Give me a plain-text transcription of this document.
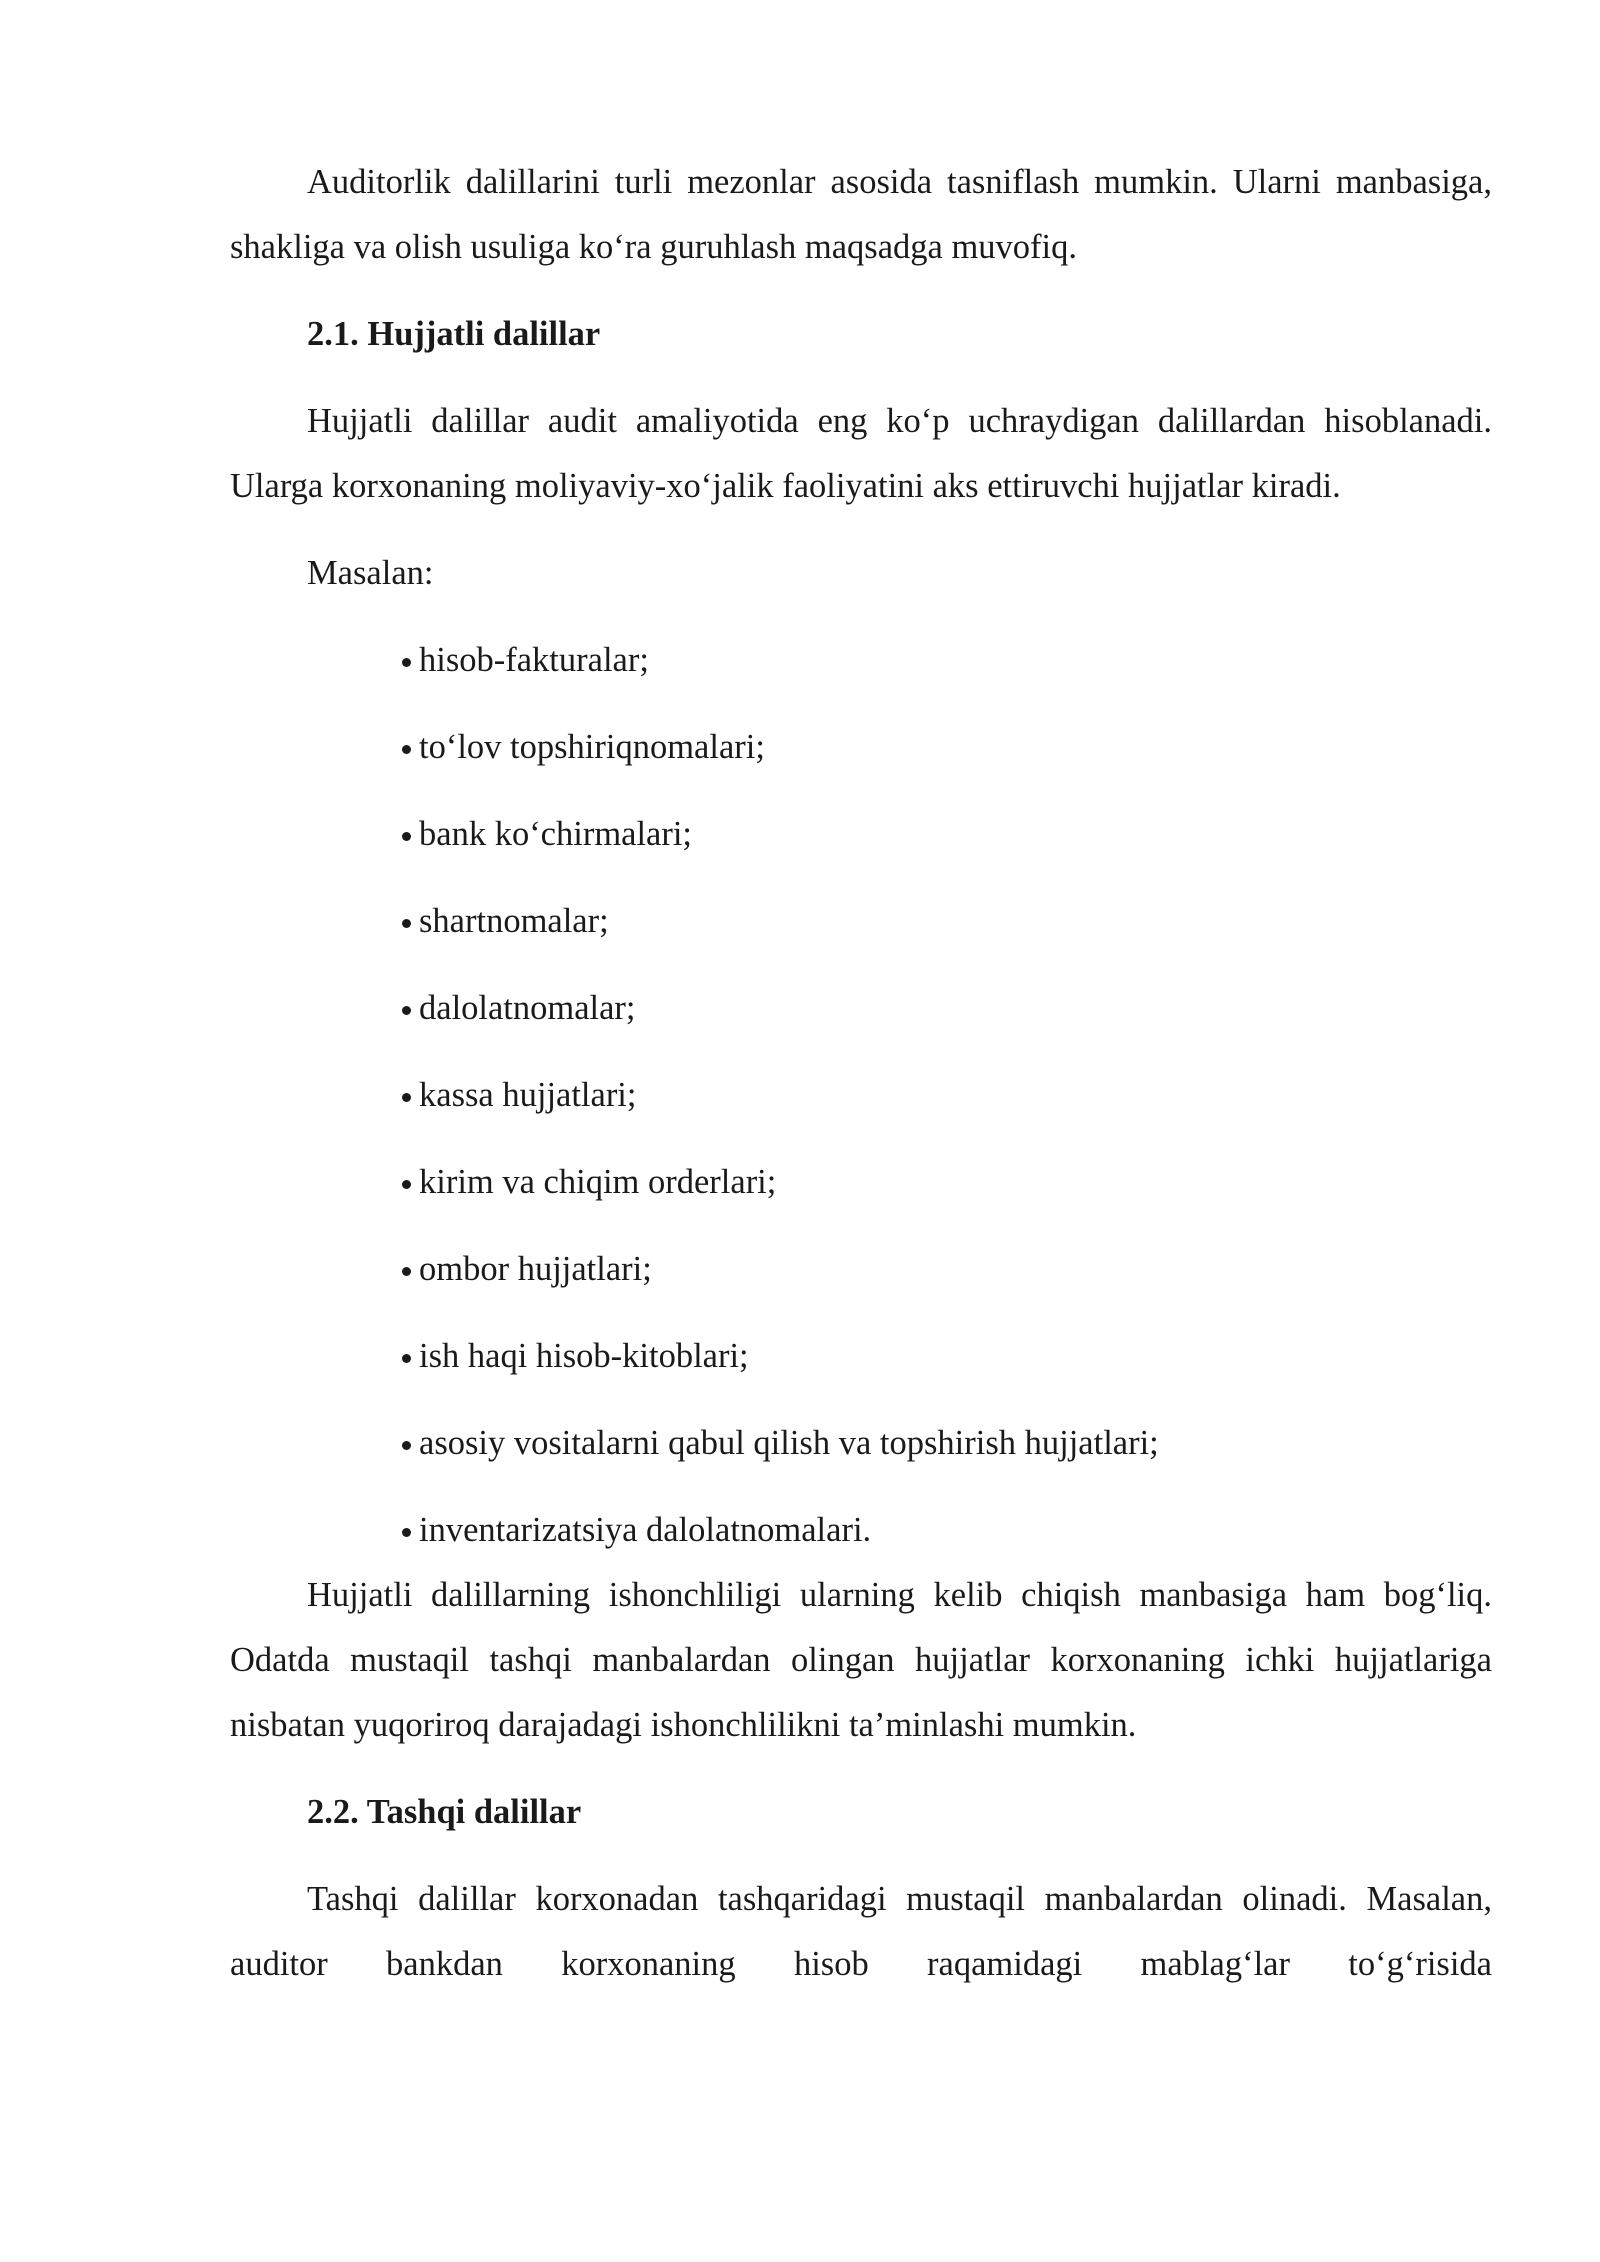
Auditorlik dalillarini turli mezonlar asosida tasniflash mumkin. Ularni manbasiga, shakliga va olish usuliga ko‘ra guruhlash maqsadga muvofiq.

2.1. Hujjatli dalillar

Hujjatli dalillar audit amaliyotida eng ko‘p uchraydigan dalillardan hisoblanadi. Ularga korxonaning moliyaviy-xo‘jalik faoliyatini aks ettiruvchi hujjatlar kiradi.

Masalan:

hisob-fakturalar;
to‘lov topshiriqnomalari;
bank ko‘chirmalari;
shartnomalar;
dalolatnomalar;
kassa hujjatlari;
kirim va chiqim orderlari;
ombor hujjatlari;
ish haqi hisob-kitoblari;
asosiy vositalarni qabul qilish va topshirish hujjatlari;
inventarizatsiya dalolatnomalari.

Hujjatli dalillarning ishonchliligi ularning kelib chiqish manbasiga ham bog‘liq. Odatda mustaqil tashqi manbalardan olingan hujjatlar korxonaning ichki hujjatlariga nisbatan yuqoriroq darajadagi ishonchlilikni ta’minlashi mumkin.

2.2. Tashqi dalillar

Tashqi dalillar korxonadan tashqaridagi mustaqil manbalardan olinadi. Masalan, auditor bankdan korxonaning hisob raqamidagi mablag‘lar to‘g‘risida
